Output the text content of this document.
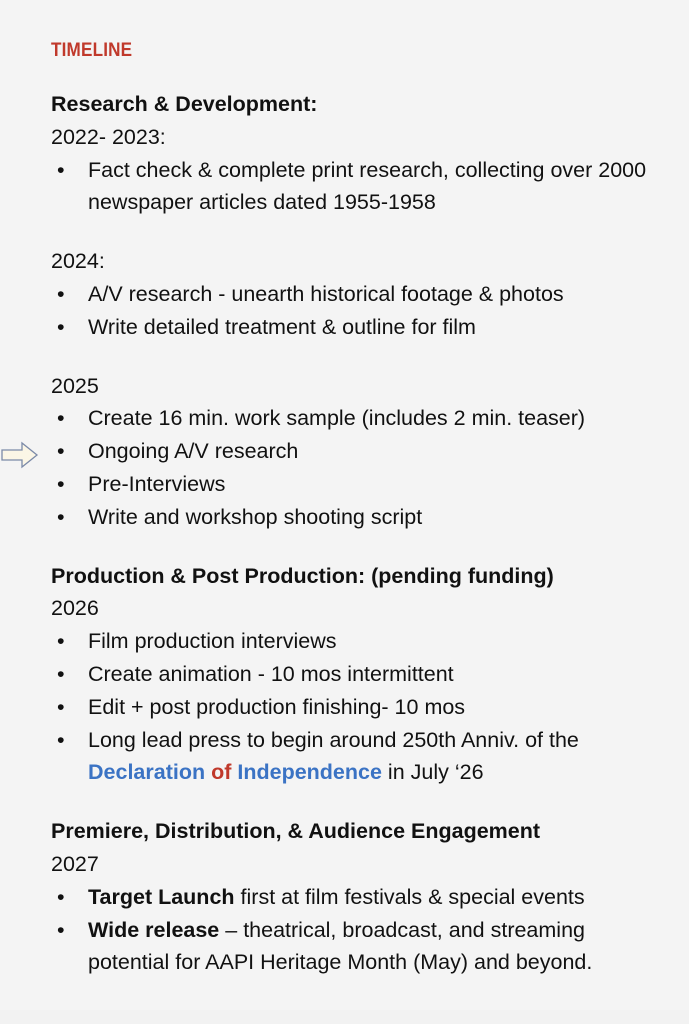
TIMELINE
Research & Development:
2022- 2023:
• Fact check & complete print research, collecting over 2000 newspaper articles dated 1955-1958
2024:
• A/V research - unearth historical footage & photos
• Write detailed treatment & outline for film
2025
• Create 16 min. work sample (includes 2 min. teaser)
• Ongoing A/V research
• Pre-Interviews
• Write and workshop shooting script
Production & Post Production: (pending funding)
2026
• Film production interviews
• Create animation - 10 mos intermittent
• Edit + post production finishing- 10 mos
• Long lead press to begin around 250th Anniv. of the Declaration of Independence in July ‘26
Premiere, Distribution, & Audience Engagement
2027
• Target Launch first at film festivals & special events
• Wide release – theatrical, broadcast, and streaming potential for AAPI Heritage Month (May) and beyond.
